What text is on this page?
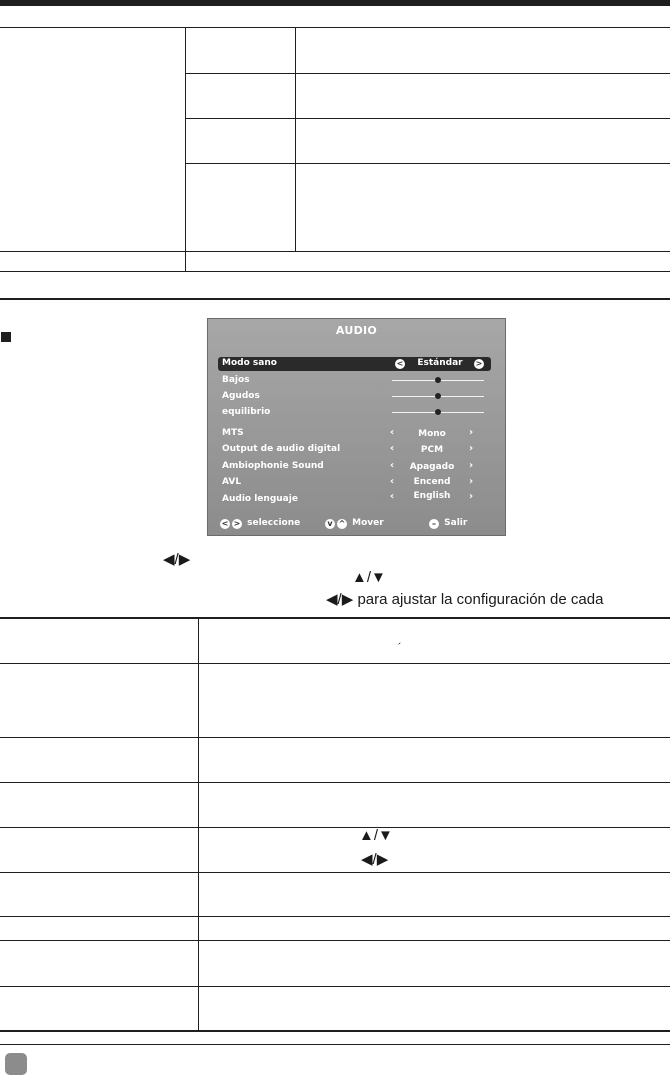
AUDIO
Modo sano	<	Estándar	>
Bajos
Agudos
equilibrio
MTS	‹	Mono	›
Output de audio digital	‹	PCM	›
Ambiophonie Sound	‹	Apagado	›
AVL	‹	Encend	›
Audio lenguaje	‹	English	›
< > seleccione	v ^ Mover	– Salir
◀/▶
▲/▼
◀/▶ para ajustar la configuración de cada
´
▲/▼
◀/▶
